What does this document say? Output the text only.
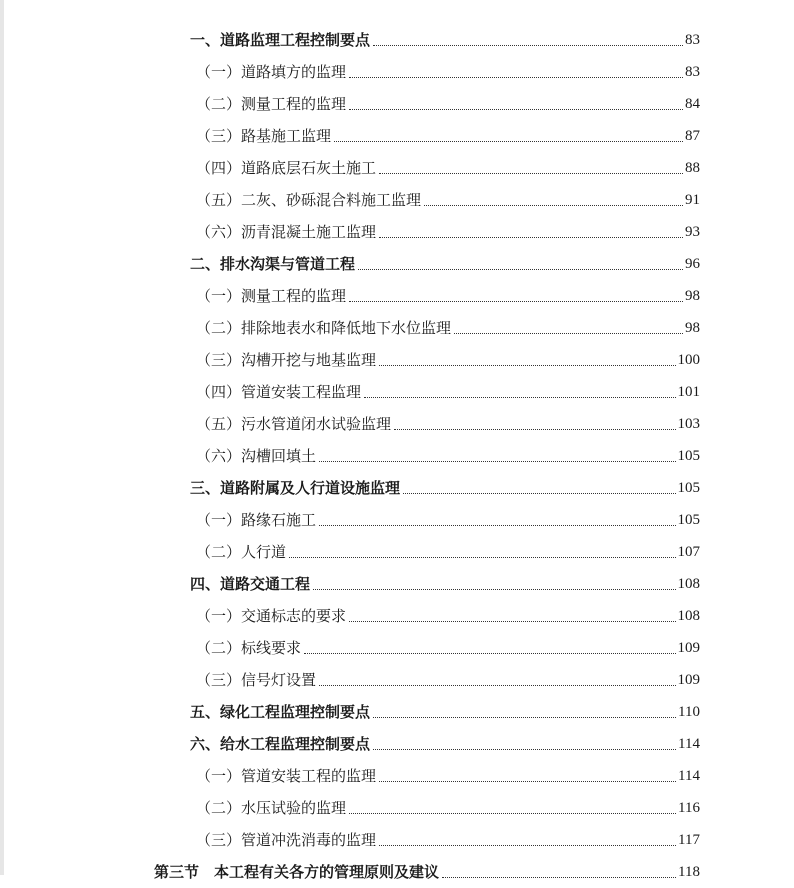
一、道路监理工程控制要点	83
（一）道路填方的监理	83
（二）测量工程的监理	84
（三）路基施工监理	87
（四）道路底层石灰土施工	88
（五）二灰、砂砾混合料施工监理	91
（六）沥青混凝土施工监理	93
二、排水沟渠与管道工程	96
（一）测量工程的监理	98
（二）排除地表水和降低地下水位监理	98
（三）沟槽开挖与地基监理	100
（四）管道安装工程监理	101
（五）污水管道闭水试验监理	103
（六）沟槽回填土	105
三、道路附属及人行道设施监理	105
（一）路缘石施工	105
（二）人行道	107
四、道路交通工程	108
（一）交通标志的要求	108
（二）标线要求	109
（三）信号灯设置	109
五、绿化工程监理控制要点	110
六、给水工程监理控制要点	114
（一）管道安装工程的监理	114
（二）水压试验的监理	116
（三）管道冲洗消毒的监理	117
第三节　本工程有关各方的管理原则及建议	118
